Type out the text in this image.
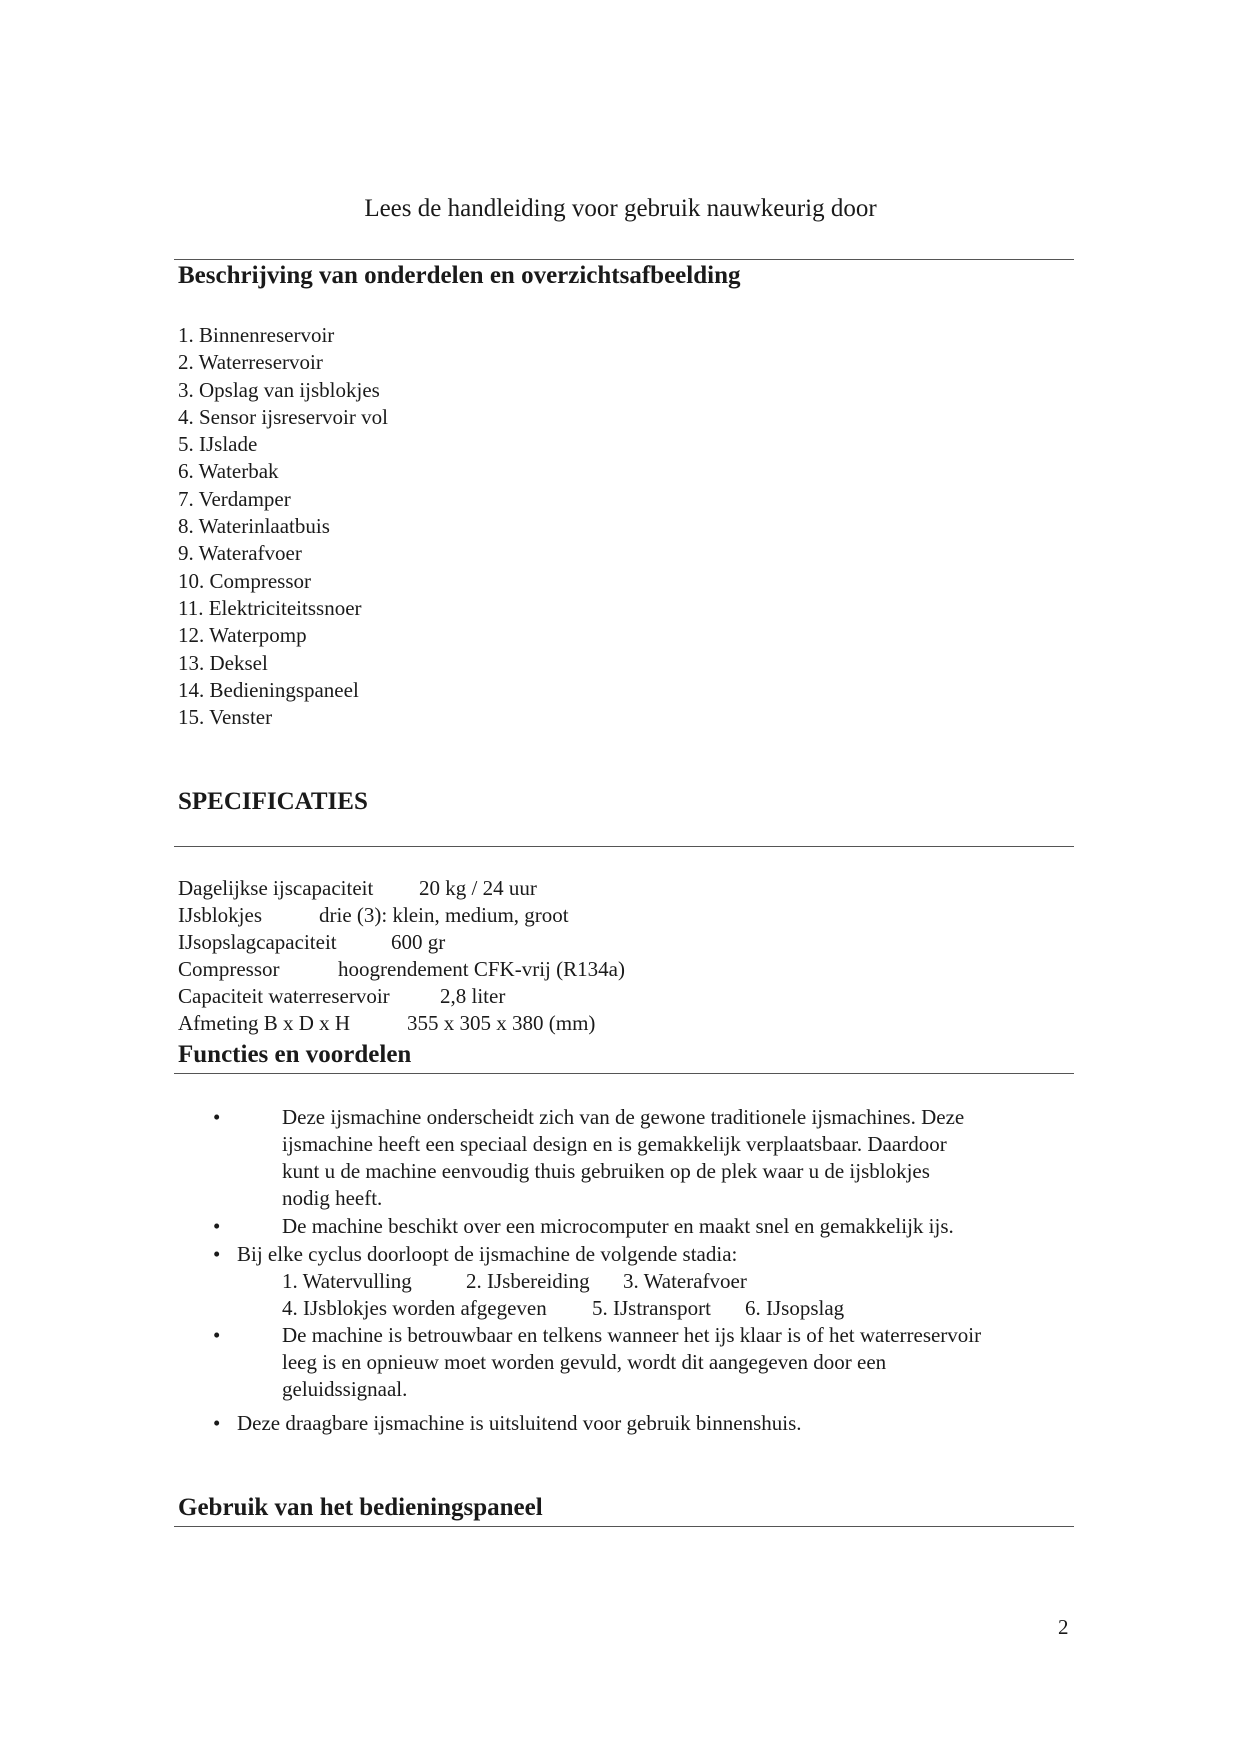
Lees de handleiding voor gebruik nauwkeurig door
Beschrijving van onderdelen en overzichtsafbeelding
1. Binnenreservoir
2. Waterreservoir
3. Opslag van ijsblokjes
4. Sensor ijsreservoir vol
5. IJslade
6. Waterbak
7. Verdamper
8. Waterinlaatbuis
9. Waterafvoer
10. Compressor
11. Elektriciteitssnoer
12. Waterpomp
13. Deksel
14. Bedieningspaneel
15. Venster
SPECIFICATIES
Dagelijkse ijscapaciteit 20 kg / 24 uur
IJsblokjes	drie (3): klein, medium, groot
IJsopslagcapaciteit	600 gr
Compressor	hoogrendement CFK-vrij (R134a)
Capaciteit waterreservoir 2,8 liter
Afmeting B x D x H	355 x 305 x 380 (mm)
Functies en voordelen
•	Deze ijsmachine onderscheidt zich van de gewone traditionele ijsmachines. Deze
ijsmachine heeft een speciaal design en is gemakkelijk verplaatsbaar. Daardoor
kunt u de machine eenvoudig thuis gebruiken op de plek waar u de ijsblokjes
nodig heeft.
•	De machine beschikt over een microcomputer en maakt snel en gemakkelijk ijs.
• Bij elke cyclus doorloopt de ijsmachine de volgende stadia:
1. Watervulling	2. IJsbereiding 3. Waterafvoer
4. IJsblokjes worden afgegeven 5. IJstransport 6. IJsopslag
•	De machine is betrouwbaar en telkens wanneer het ijs klaar is of het waterreservoir
leeg is en opnieuw moet worden gevuld, wordt dit aangegeven door een
geluidssignaal.
• Deze draagbare ijsmachine is uitsluitend voor gebruik binnenshuis.
Gebruik van het bedieningspaneel
2
